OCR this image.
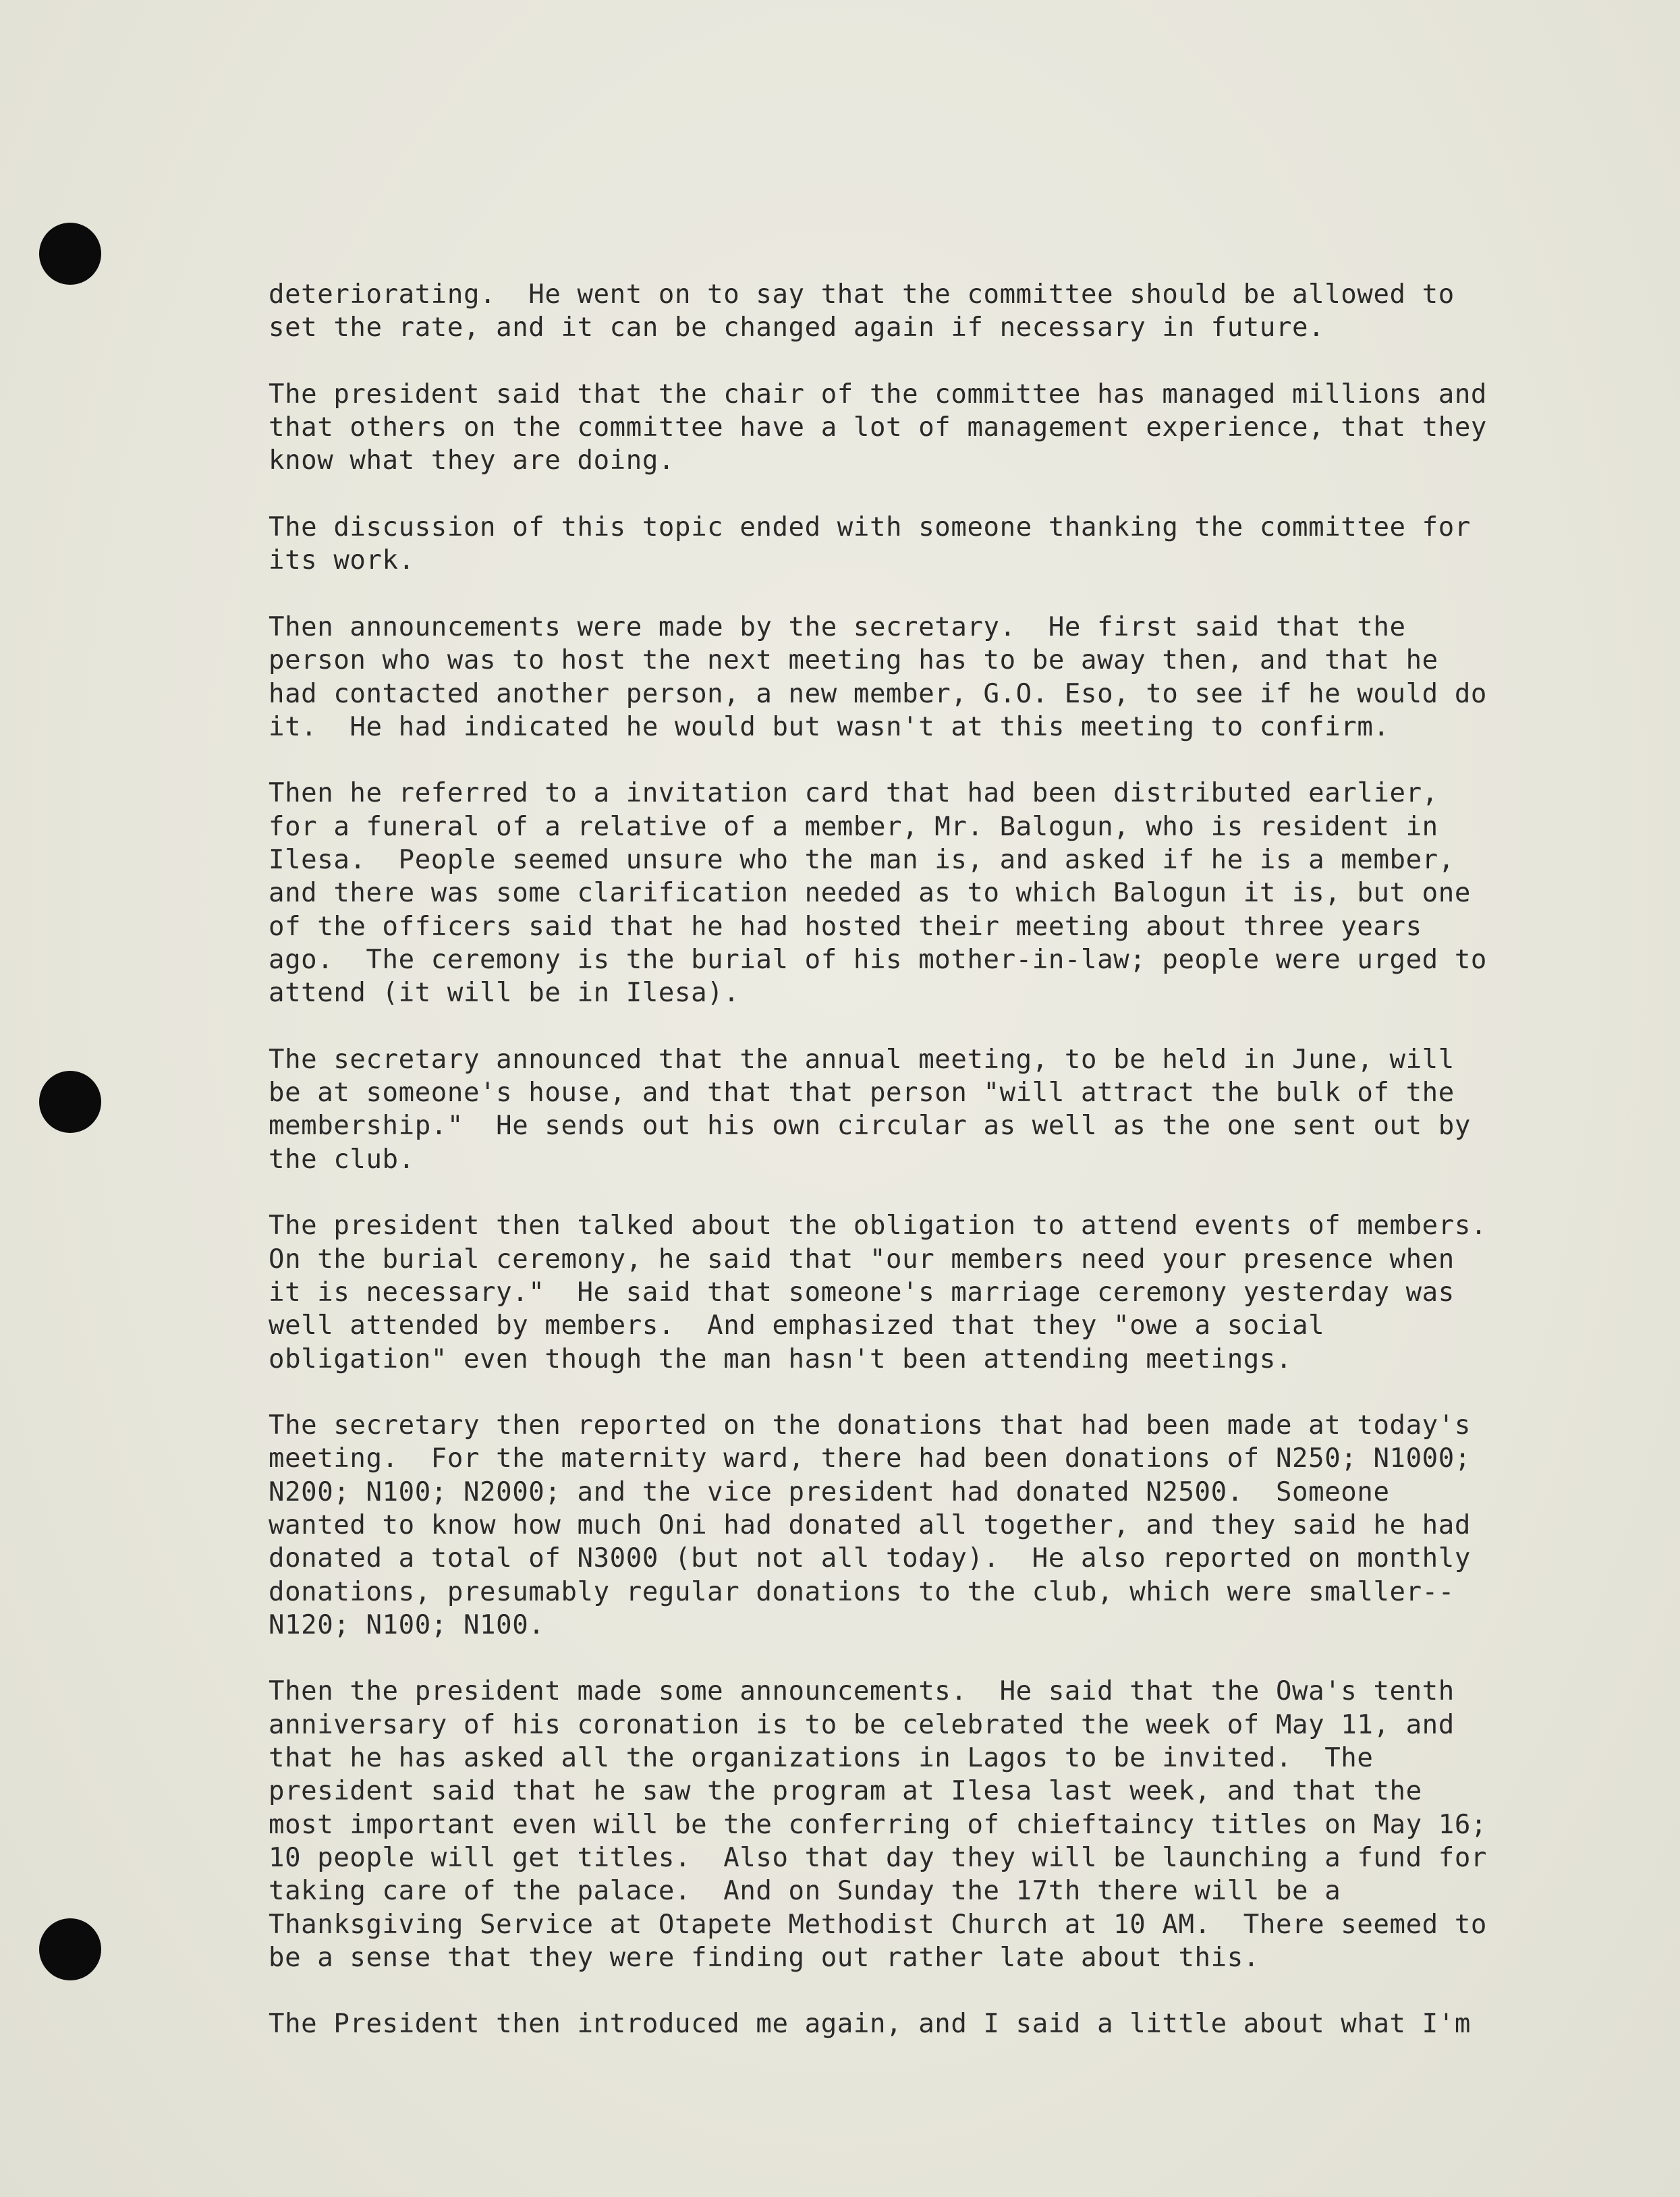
deteriorating.  He went on to say that the committee should be allowed to
set the rate, and it can be changed again if necessary in future.
The president said that the chair of the committee has managed millions and
that others on the committee have a lot of management experience, that they
know what they are doing.
The discussion of this topic ended with someone thanking the committee for
its work.
Then announcements were made by the secretary.  He first said that the
person who was to host the next meeting has to be away then, and that he
had contacted another person, a new member, G.O. Eso, to see if he would do
it.  He had indicated he would but wasn't at this meeting to confirm.
Then he referred to a invitation card that had been distributed earlier,
for a funeral of a relative of a member, Mr. Balogun, who is resident in
Ilesa.  People seemed unsure who the man is, and asked if he is a member,
and there was some clarification needed as to which Balogun it is, but one
of the officers said that he had hosted their meeting about three years
ago.  The ceremony is the burial of his mother-in-law; people were urged to
attend (it will be in Ilesa).
The secretary announced that the annual meeting, to be held in June, will
be at someone's house, and that that person "will attract the bulk of the
membership."  He sends out his own circular as well as the one sent out by
the club.
The president then talked about the obligation to attend events of members.
On the burial ceremony, he said that "our members need your presence when
it is necessary."  He said that someone's marriage ceremony yesterday was
well attended by members.  And emphasized that they "owe a social
obligation" even though the man hasn't been attending meetings.
The secretary then reported on the donations that had been made at today's
meeting.  For the maternity ward, there had been donations of N250; N1000;
N200; N100; N2000; and the vice president had donated N2500.  Someone
wanted to know how much Oni had donated all together, and they said he had
donated a total of N3000 (but not all today).  He also reported on monthly
donations, presumably regular donations to the club, which were smaller--
N120; N100; N100.
Then the president made some announcements.  He said that the Owa's tenth
anniversary of his coronation is to be celebrated the week of May 11, and
that he has asked all the organizations in Lagos to be invited.  The
president said that he saw the program at Ilesa last week, and that the
most important even will be the conferring of chieftaincy titles on May 16;
10 people will get titles.  Also that day they will be launching a fund for
taking care of the palace.  And on Sunday the 17th there will be a
Thanksgiving Service at Otapete Methodist Church at 10 AM.  There seemed to
be a sense that they were finding out rather late about this.
The President then introduced me again, and I said a little about what I'm
